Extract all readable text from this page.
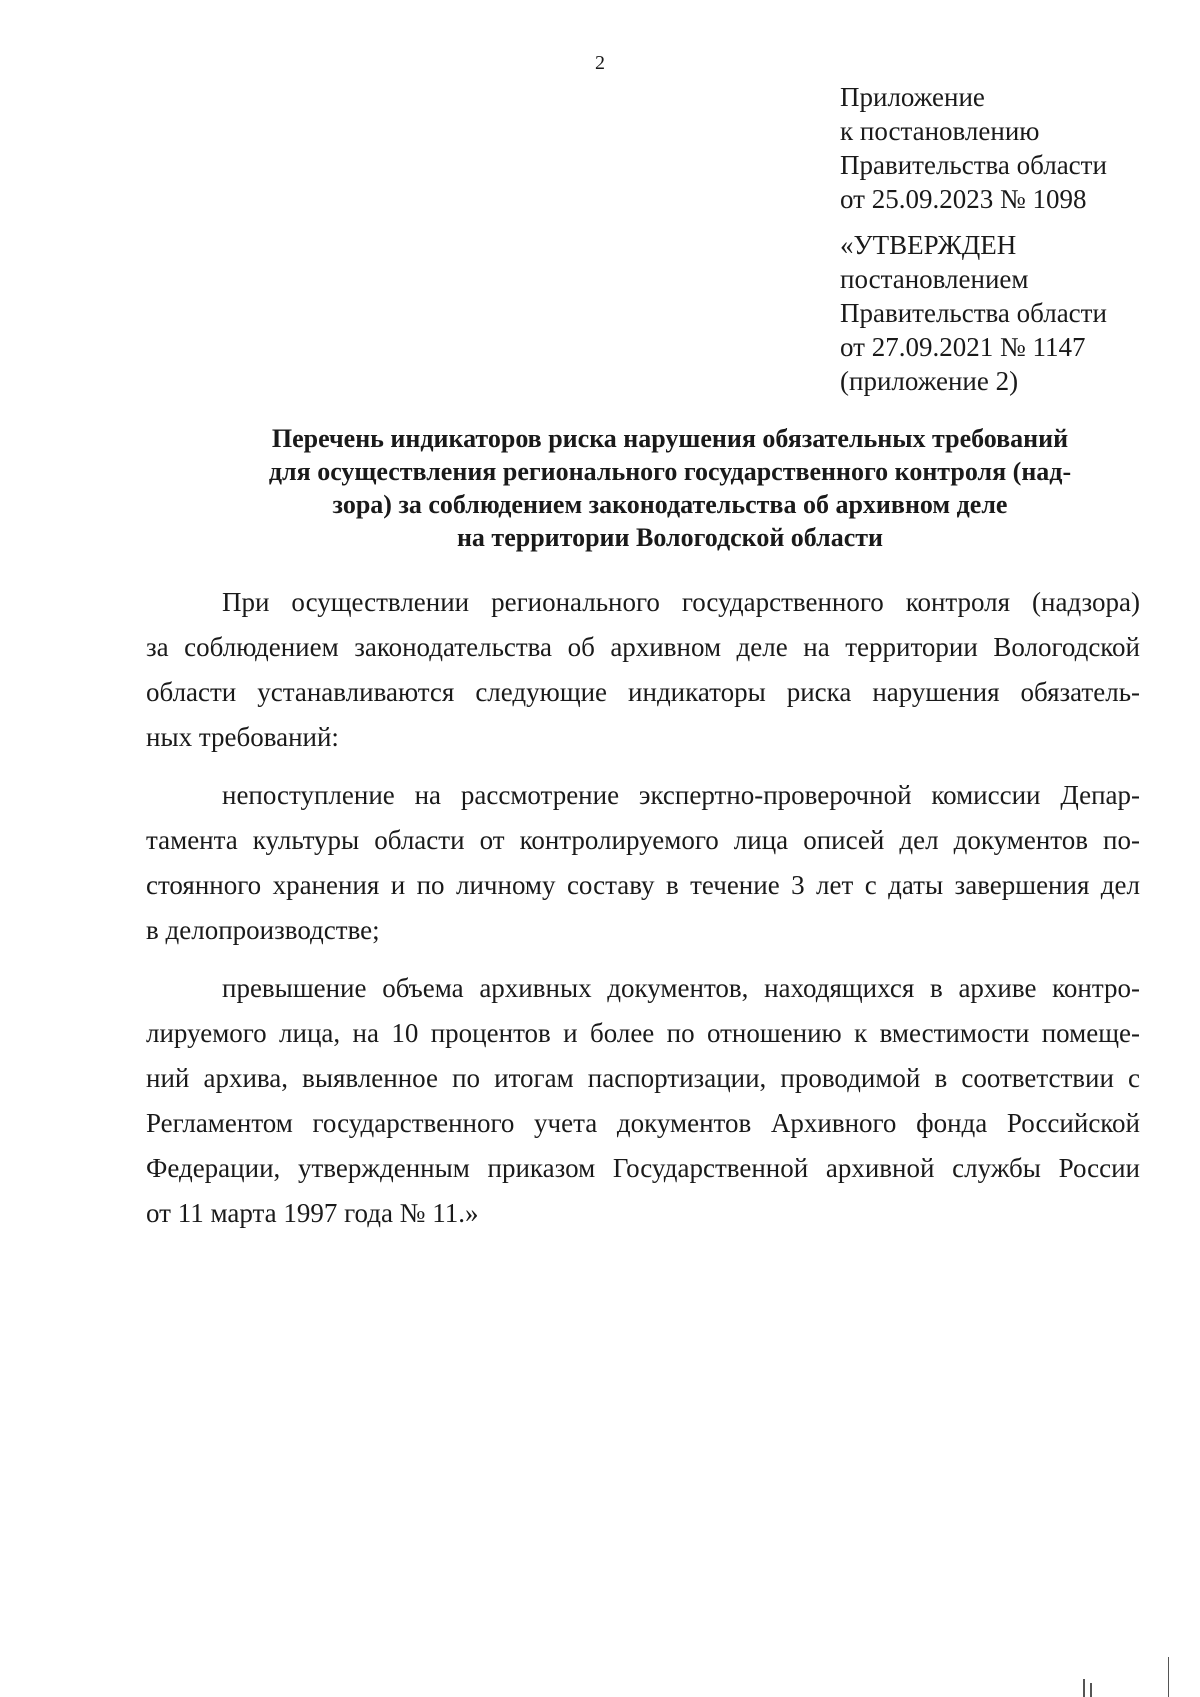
2
Приложение
к постановлению
Правительства области
от 25.09.2023 № 1098
«УТВЕРЖДЕН
постановлением
Правительства области
от 27.09.2021 № 1147
(приложение 2)
Перечень индикаторов риска нарушения обязательных требований
для осуществления регионального государственного контроля (над-
зора) за соблюдением законодательства об архивном деле
на территории Вологодской области
При осуществлении регионального государственного контроля (надзора)
за соблюдением законодательства об архивном деле на территории Вологодской
области устанавливаются следующие индикаторы риска нарушения обязатель-
ных требований:
непоступление на рассмотрение экспертно-проверочной комиссии Депар-
тамента культуры области от контролируемого лица описей дел документов по-
стоянного хранения и по личному составу в течение 3 лет с даты завершения дел
в делопроизводстве;
превышение объема архивных документов, находящихся в архиве контро-
лируемого лица, на 10 процентов и более по отношению к вместимости помеще-
ний архива, выявленное по итогам паспортизации, проводимой в соответствии с
Регламентом государственного учета документов Архивного фонда Российской
Федерации, утвержденным приказом Государственной архивной службы России
от 11 марта 1997 года № 11.»
